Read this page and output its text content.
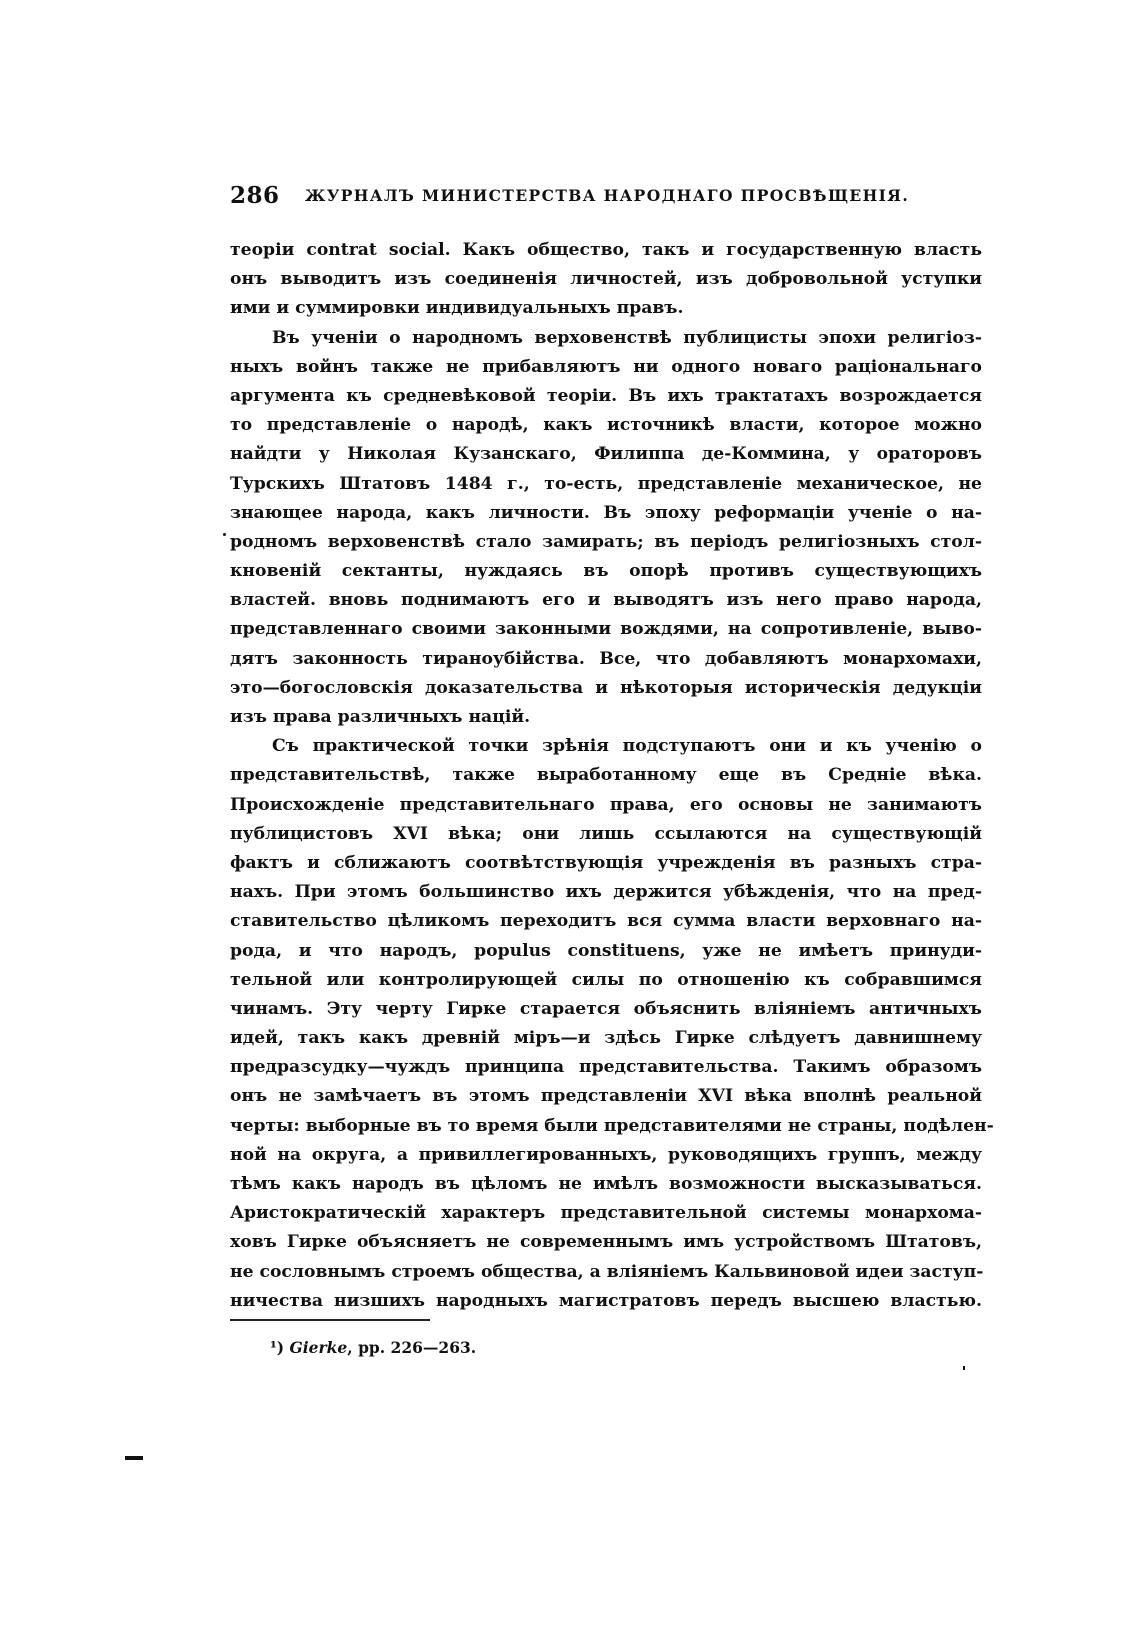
286 ЖУРНАЛЪ МИНИСТЕРСТВА НАРОДНАГО ПРОСВѢЩЕНІЯ.
теоріи contrat social. Какъ общество, такъ и государственную власть
онъ выводитъ изъ соединенія личностей, изъ добровольной уступки
ими и суммировки индивидуальныхъ правъ.
Въ ученіи о народномъ верховенствѣ публицисты эпохи религіоз-
ныхъ войнъ также не прибавляютъ ни одного новаго раціональнаго
аргумента къ средневѣковой теоріи. Въ ихъ трактатахъ возрождается
то представленіе о народѣ, какъ источникѣ власти, которое можно
найдти у Николая Кузанскаго, Филиппа де-Коммина, у ораторовъ
Турскихъ Штатовъ 1484 г., то-есть, представленіе механическое, не
знающее народа, какъ личности. Въ эпоху реформаціи ученіе о на-
родномъ верховенствѣ стало замирать; въ періодъ религіозныхъ стол-
кновеній сектанты, нуждаясь въ опорѣ противъ существующихъ
властей. вновь поднимаютъ его и выводятъ изъ него право народа,
представленнаго своими законными вождями, на сопротивленіе, выво-
дятъ законность тираноубійства. Все, что добавляютъ монархомахи,
это—богословскія доказательства и нѣкоторыя историческія дедукціи
изъ права различныхъ націй.
Съ практической точки зрѣнія подступаютъ они и къ ученію о
представительствѣ, также выработанному еще въ Средніе вѣка.
Происхожденіе представительнаго права, его основы не занимаютъ
публицистовъ XVI вѣка; они лишь ссылаются на существующій
фактъ и сближаютъ соотвѣтствующія учрежденія въ разныхъ стра-
нахъ. При этомъ большинство ихъ держится убѣжденія, что на пред-
ставительство цѣликомъ переходитъ вся сумма власти верховнаго на-
рода, и что народъ, populus constituens, уже не имѣетъ принуди-
тельной или контролирующей силы по отношенію къ собравшимся
чинамъ. Эту черту Гирке старается объяснить вліяніемъ античныхъ
идей, такъ какъ древній міръ—и здѣсь Гирке слѣдуетъ давнишнему
предразсудку—чуждъ принципа представительства. Такимъ образомъ
онъ не замѣчаетъ въ этомъ представленіи XVI вѣка вполнѣ реальной
черты: выборные въ то время были представителями не страны, подѣлен-
ной на округа, а привиллегированныхъ, руководящихъ группъ, между
тѣмъ какъ народъ въ цѣломъ не имѣлъ возможности высказываться.
Аристократическій характеръ представительной системы монархома-
ховъ Гирке объясняетъ не современнымъ имъ устройствомъ Штатовъ,
не сословнымъ строемъ общества, а вліяніемъ Кальвиновой идеи заступ-
ничества низшихъ народныхъ магистратовъ передъ высшею властью.
¹) Gierke, pp. 226—263.
